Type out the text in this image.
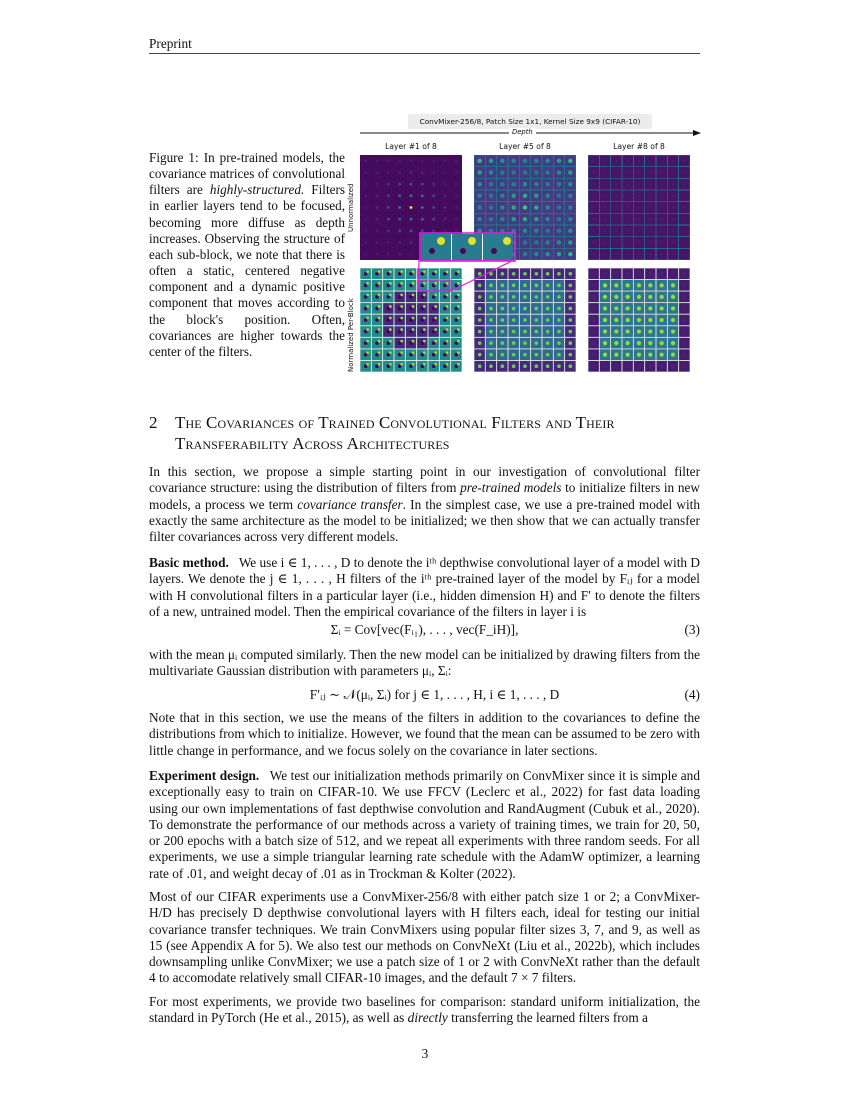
Preprint
Figure 1: In pre-trained models, the covariance matrices of convolutional filters are highly-structured. Filters in earlier layers tend to be focused, becoming more diffuse as depth increases. Observing the structure of each sub-block, we note that there is often a static, centered negative component and a dynamic positive component that moves according to the block's position. Often, covariances are higher towards the center of the filters.
ConvMixer-256/8, Patch Size 1x1, Kernel Size 9x9 (CIFAR-10)
Depth
Layer #1 of 8	Layer #5 of 8	Layer #8 of 8
Unnormalized
Normalized Per-Block
2 The Covariances of Trained Convolutional Filters and Their
Transferability Across Architectures
In this section, we propose a simple starting point in our investigation of convolutional filter covariance structure: using the distribution of filters from pre-trained models to initialize filters in new models, a process we term covariance transfer. In the simplest case, we use a pre-trained model with exactly the same architecture as the model to be initialized; we then show that we can actually transfer filter covariances across very different models.
Basic method. We use i ∈ 1, . . . , D to denote the iᵗʰ depthwise convolutional layer of a model with D layers. We denote the j ∈ 1, . . . , H filters of the iᵗʰ pre-trained layer of the model by Fᵢⱼ for a model with H convolutional filters in a particular layer (i.e., hidden dimension H) and F′ to denote the filters of a new, untrained model. Then the empirical covariance of the filters in layer i is
Σᵢ = Cov[vec(Fᵢ₁), . . . , vec(F_iH)],	(3)
with the mean μᵢ computed similarly. Then the new model can be initialized by drawing filters from the multivariate Gaussian distribution with parameters μᵢ, Σᵢ:
F′ᵢⱼ ∼ 𝒩(μᵢ, Σᵢ) for j ∈ 1, . . . , H, i ∈ 1, . . . , D	(4)
Note that in this section, we use the means of the filters in addition to the covariances to define the distributions from which to initialize. However, we found that the mean can be assumed to be zero with little change in performance, and we focus solely on the covariance in later sections.
Experiment design. We test our initialization methods primarily on ConvMixer since it is simple and exceptionally easy to train on CIFAR-10. We use FFCV (Leclerc et al., 2022) for fast data loading using our own implementations of fast depthwise convolution and RandAugment (Cubuk et al., 2020). To demonstrate the performance of our methods across a variety of training times, we train for 20, 50, or 200 epochs with a batch size of 512, and we repeat all experiments with three random seeds. For all experiments, we use a simple triangular learning rate schedule with the AdamW optimizer, a learning rate of .01, and weight decay of .01 as in Trockman & Kolter (2022).
Most of our CIFAR experiments use a ConvMixer-256/8 with either patch size 1 or 2; a ConvMixer-H/D has precisely D depthwise convolutional layers with H filters each, ideal for testing our initial covariance transfer techniques. We train ConvMixers using popular filter sizes 3, 7, and 9, as well as 15 (see Appendix A for 5). We also test our methods on ConvNeXt (Liu et al., 2022b), which includes downsampling unlike ConvMixer; we use a patch size of 1 or 2 with ConvNeXt rather than the default 4 to accomodate relatively small CIFAR-10 images, and the default 7 × 7 filters.
For most experiments, we provide two baselines for comparison: standard uniform initialization, the standard in PyTorch (He et al., 2015), as well as directly transferring the learned filters from a
3
